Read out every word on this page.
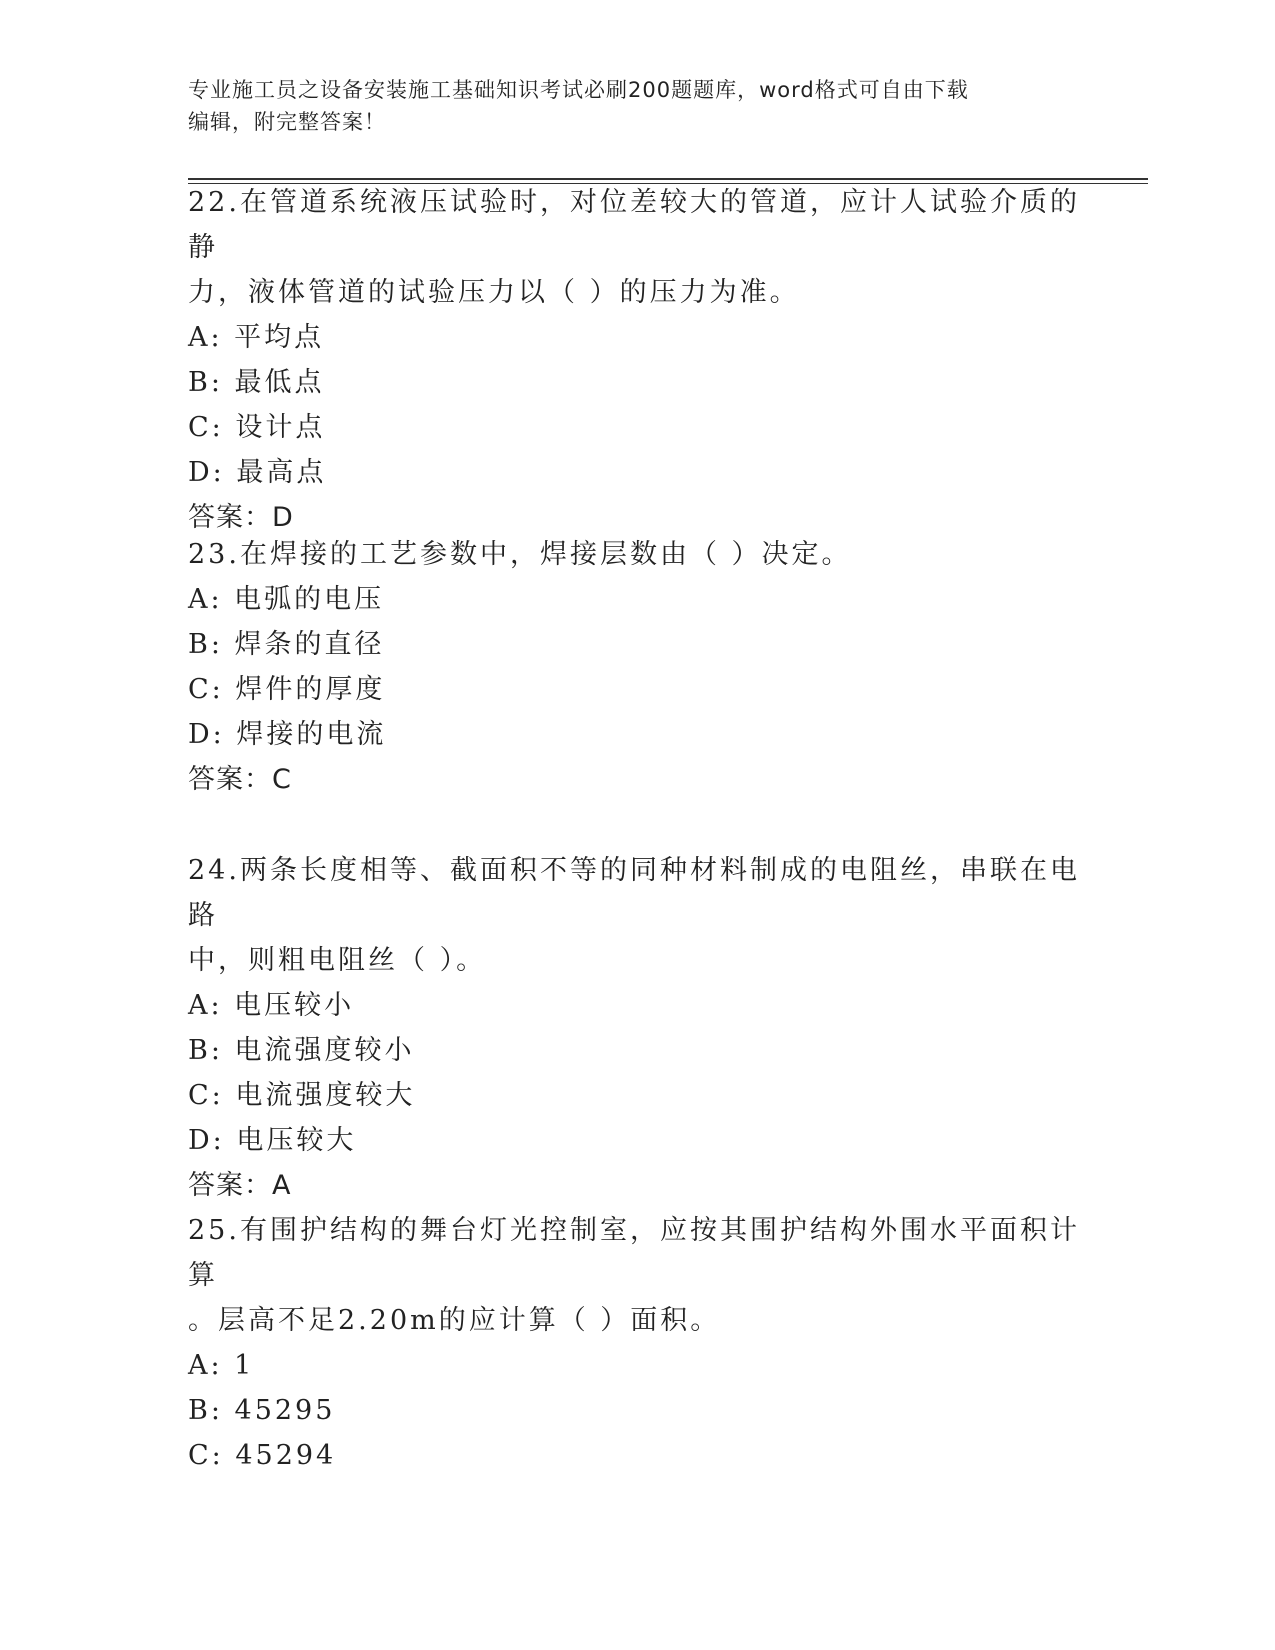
专业施工员之设备安装施工基础知识考试必刷200题题库，word格式可自由下载
编辑，附完整答案！

22.在管道系统液压试验时，对位差较大的管道，应计人试验介质的静

力，液体管道的试验压力以（ ）的压力为准。

A: 平均点

B: 最低点

C: 设计点

D: 最高点

答案：D

23.在焊接的工艺参数中，焊接层数由（ ）决定。

A: 电弧的电压

B: 焊条的直径

C: 焊件的厚度

D: 焊接的电流

答案：C

24.两条长度相等、截面积不等的同种材料制成的电阻丝，串联在电路

中，则粗电阻丝（ ）。

A: 电压较小

B: 电流强度较小

C: 电流强度较大

D: 电压较大

答案：A

25.有围护结构的舞台灯光控制室，应按其围护结构外围水平面积计算

。层高不足2.20m的应计算（ ）面积。

A: 1

B: 45295

C: 45294
